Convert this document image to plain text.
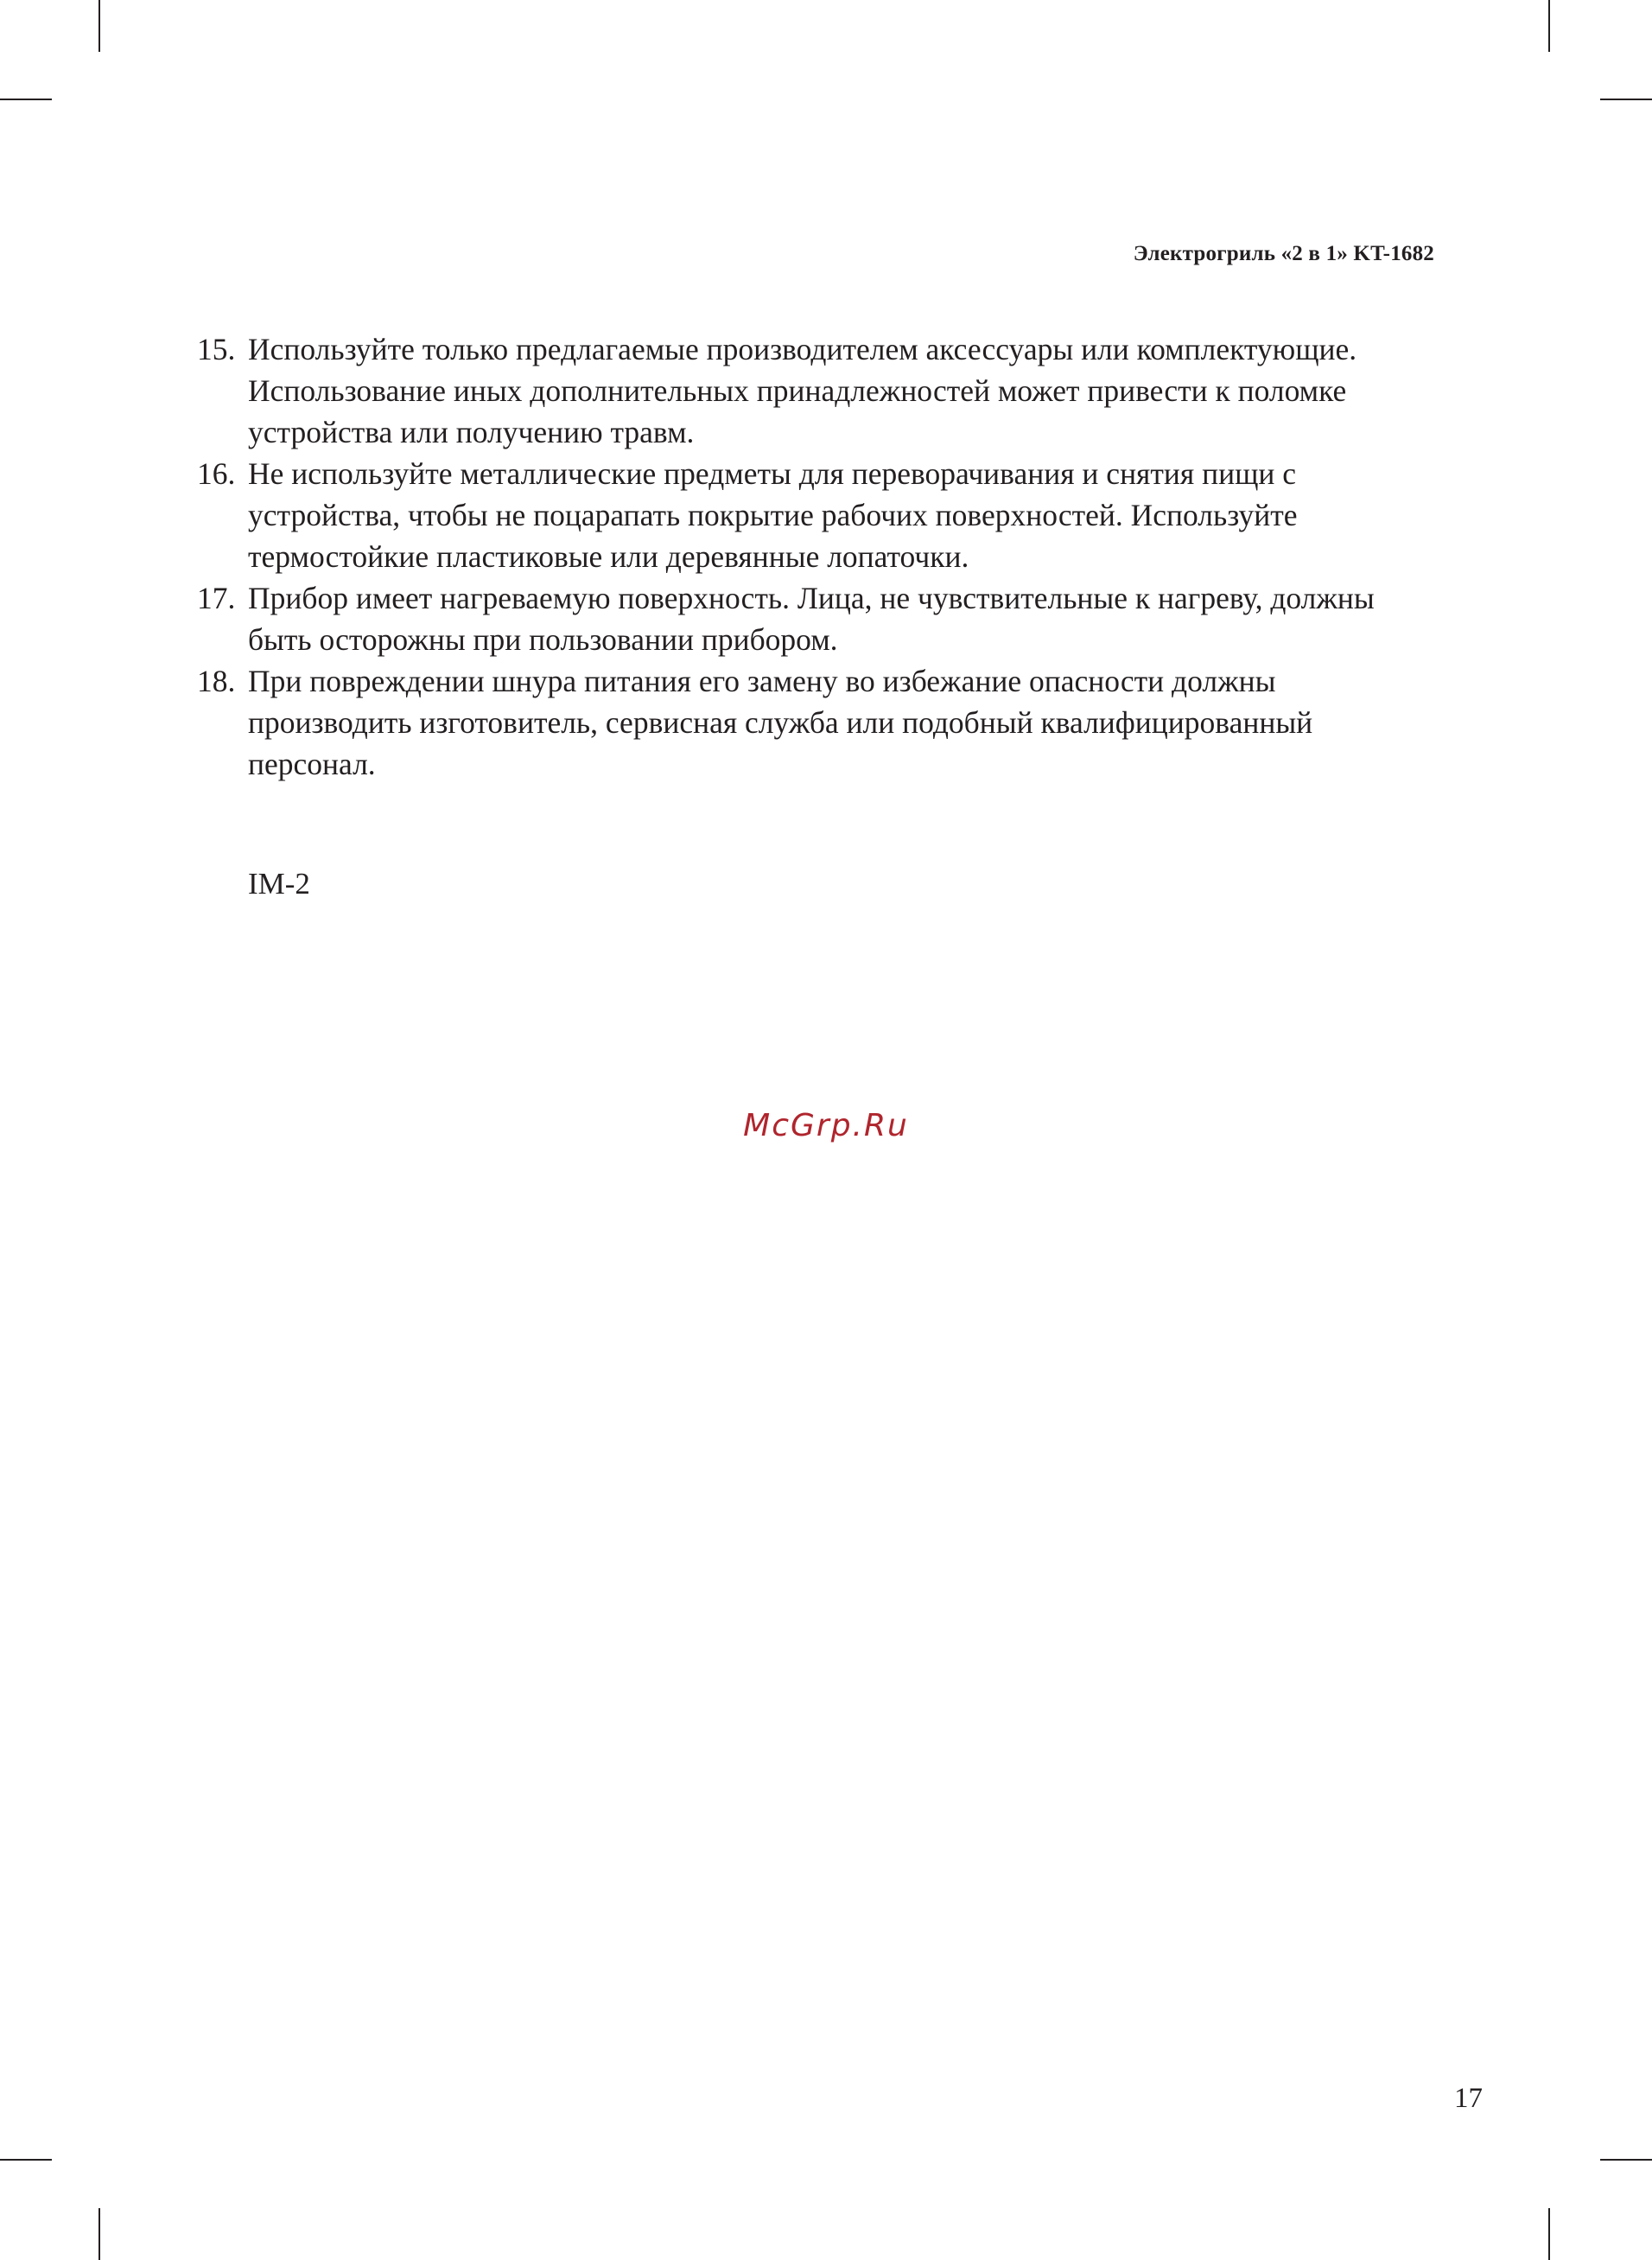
Электрогриль «2 в 1» KT-1682
15. Используйте только предлагаемые производителем аксессуары или комплектующие. Использование иных дополнительных принадлежностей может привести к поломке устройства или получению травм.
16. Не используйте металлические предметы для переворачивания и снятия пищи с устройства, чтобы не поцарапать покрытие рабочих поверхностей. Используйте термостойкие пластиковые или деревянные лопаточки.
17. Прибор имеет нагреваемую поверхность. Лица, не чувствительные к нагреву, должны быть осторожны при пользовании прибором.
18. При повреждении шнура питания его замену во избежание опасности должны производить изготовитель, сервисная служба или подобный квалифицированный персонал.
IM-2
McGrp.Ru
17
